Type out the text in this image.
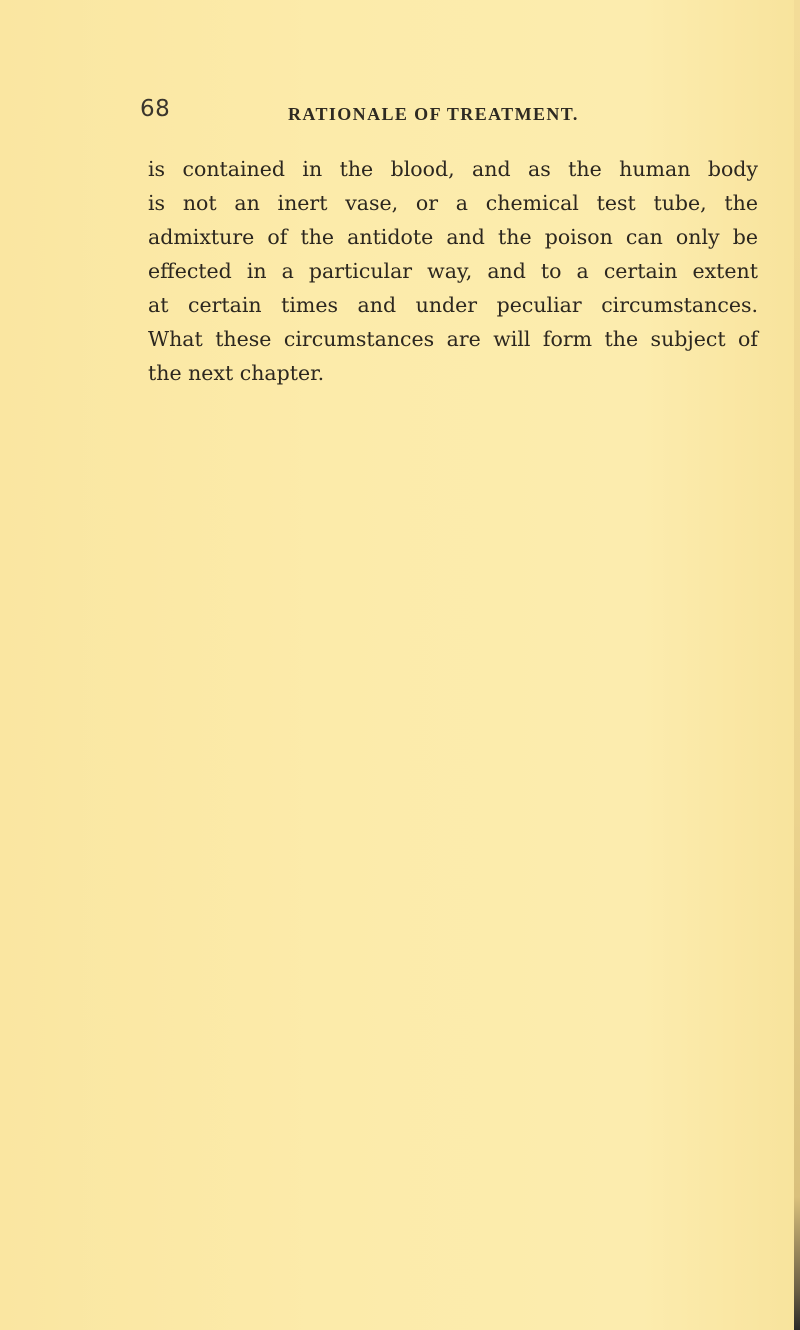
68	RATIONALE OF TREATMENT.

is contained in the blood, and as the human body
is not an inert vase, or a chemical test tube, the
admixture of the antidote and the poison can only be
effected in a particular way, and to a certain extent
at certain times and under peculiar circumstances.
What these circumstances are will form the subject of
the next chapter.
